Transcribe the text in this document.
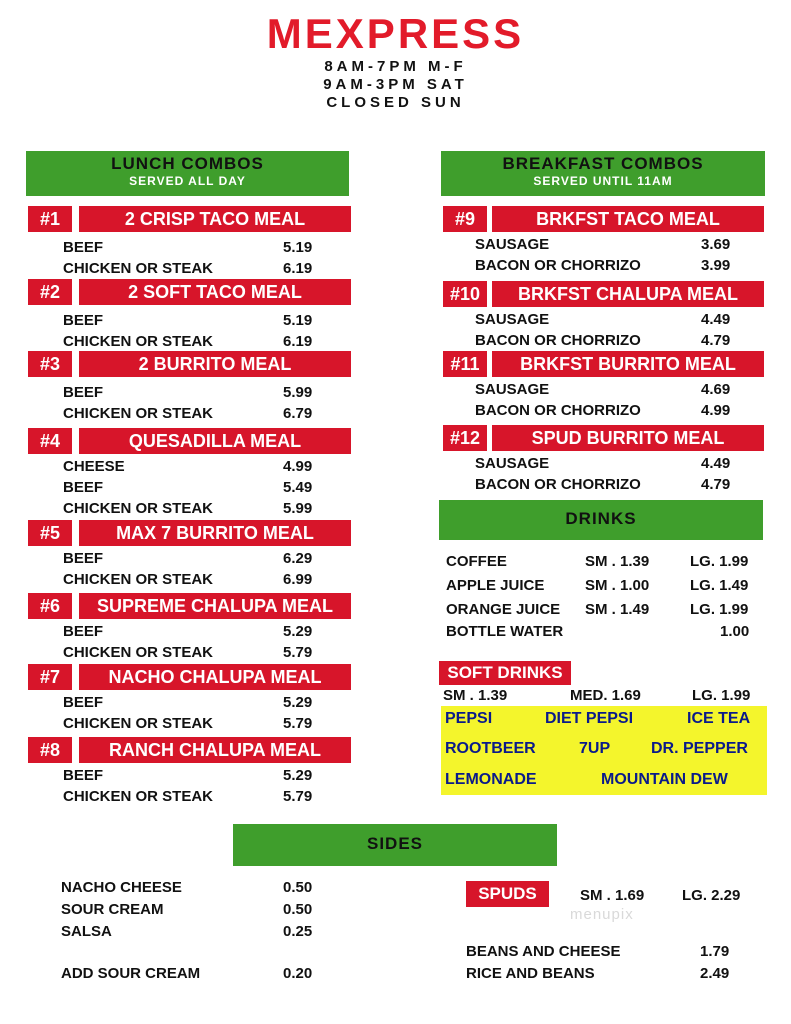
MEXPRESS
8AM-7PM M-F
9AM-3PM SAT
CLOSED SUN
LUNCH COMBOS
SERVED ALL DAY
BREAKFAST COMBOS
SERVED UNTIL 11AM
#1	2 CRISP TACO MEAL
BEEF	5.19
CHICKEN OR STEAK	6.19
#2	2 SOFT TACO MEAL
BEEF	5.19
CHICKEN OR STEAK	6.19
#3	2 BURRITO MEAL
BEEF	5.99
CHICKEN OR STEAK	6.79
#4	QUESADILLA MEAL
CHEESE	4.99
BEEF	5.49
CHICKEN OR STEAK	5.99
#5	MAX 7 BURRITO MEAL
BEEF	6.29
CHICKEN OR STEAK	6.99
#6	SUPREME CHALUPA MEAL
BEEF	5.29
CHICKEN OR STEAK	5.79
#7	NACHO CHALUPA MEAL
BEEF	5.29
CHICKEN OR STEAK	5.79
#8	RANCH CHALUPA MEAL
BEEF	5.29
CHICKEN OR STEAK	5.79
#9	BRKFST TACO MEAL
SAUSAGE	3.69
BACON OR CHORRIZO	3.99
#10	BRKFST CHALUPA MEAL
SAUSAGE	4.49
BACON OR CHORRIZO	4.79
#11	BRKFST BURRITO MEAL
SAUSAGE	4.69
BACON OR CHORRIZO	4.99
#12	SPUD BURRITO MEAL
SAUSAGE	4.49
BACON OR CHORRIZO	4.79
DRINKS
COFFEE	SM . 1.39	LG. 1.99
APPLE JUICE	SM . 1.00	LG. 1.49
ORANGE JUICE SM . 1.49	LG. 1.99
BOTTLE WATER	1.00
SOFT DRINKS
SM . 1.39	MED. 1.69	LG. 1.99
PEPSI	DIET PEPSI	ICE TEA
ROOTBEER	7UP	DR. PEPPER
LEMONADE	MOUNTAIN DEW
SIDES
NACHO CHEESE	0.50
SOUR CREAM	0.50
SALSA	0.25
ADD SOUR CREAM	0.20
SPUDS	SM . 1.69	LG. 2.29
menupix
BEANS AND CHEESE	1.79
RICE AND BEANS	2.49
